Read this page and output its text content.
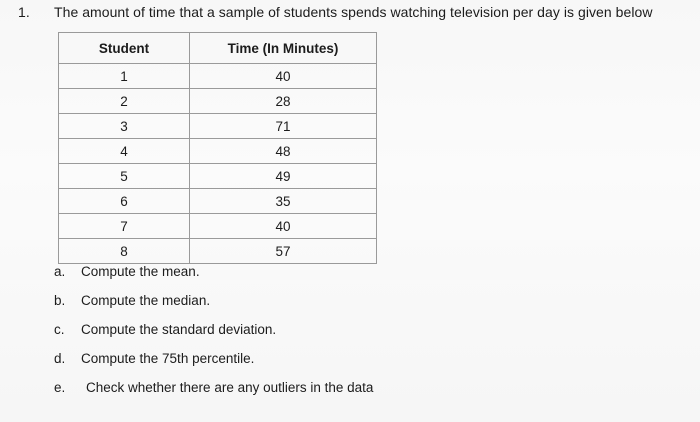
1. The amount of time that a sample of students spends watching television per day is given below
Student	Time (In Minutes)
1	40
2	28
3	71
4	48
5	49
6	35
7	40
8	57
a.	Compute the mean.
b.	Compute the median.
c.	Compute the standard deviation.
d.	Compute the 75th percentile.
e.	Check whether there are any outliers in the data
